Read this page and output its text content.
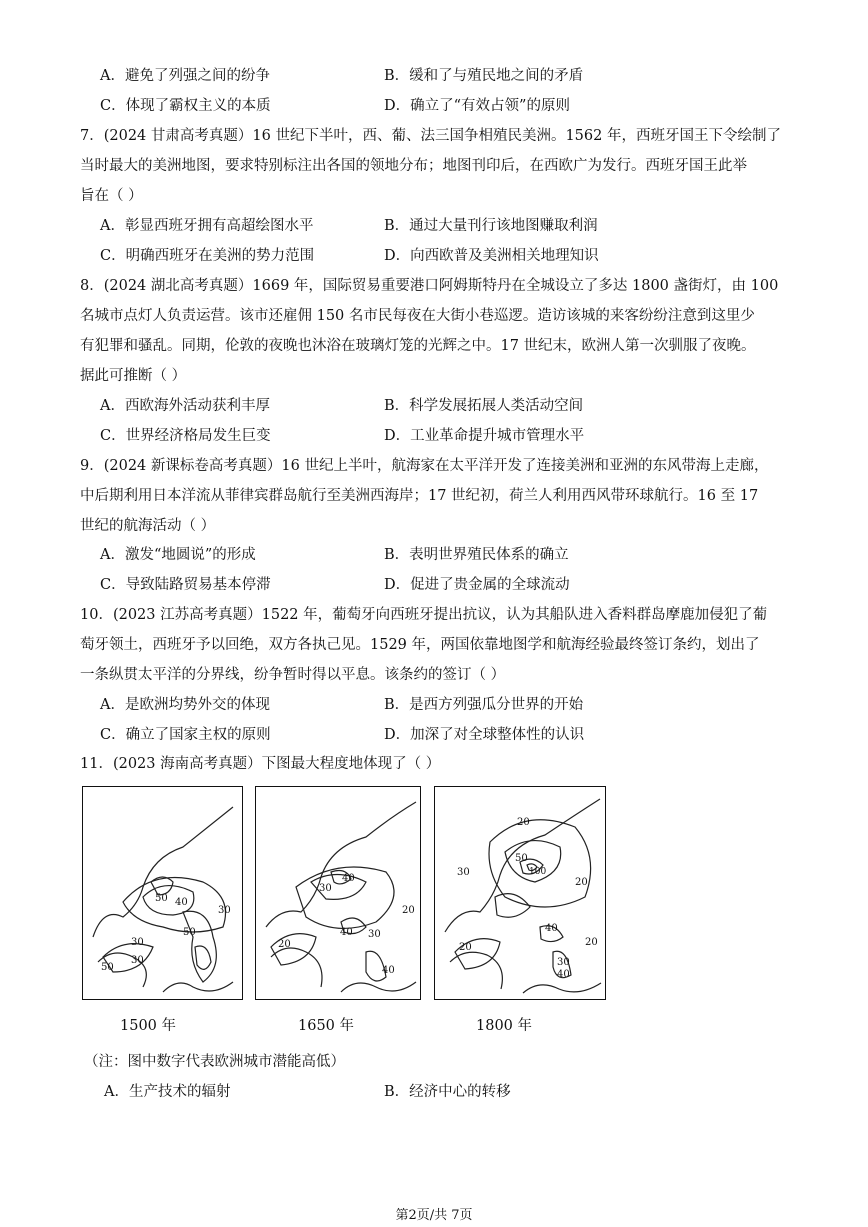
A．避免了列强之间的纷争	B．缓和了与殖民地之间的矛盾
C．体现了霸权主义的本质	D．确立了“有效占领”的原则
7．(2024 甘肃高考真题）16 世纪下半叶，西、葡、法三国争相殖民美洲。1562 年，西班牙国王下令绘制了
当时最大的美洲地图，要求特别标注出各国的领地分布；地图刊印后，在西欧广为发行。西班牙国王此举
旨在（ ）
A．彰显西班牙拥有高超绘图水平	B．通过大量刊行该地图赚取利润
C．明确西班牙在美洲的势力范围	D．向西欧普及美洲相关地理知识
8．(2024 湖北高考真题）1669 年，国际贸易重要港口阿姆斯特丹在全城设立了多达 1800 盏街灯，由 100
名城市点灯人负责运营。该市还雇佣 150 名市民每夜在大街小巷巡逻。造访该城的来客纷纷注意到这里少
有犯罪和骚乱。同期，伦敦的夜晚也沐浴在玻璃灯笼的光辉之中。17 世纪末，欧洲人第一次驯服了夜晚。
据此可推断（ ）
A．西欧海外活动获利丰厚	B．科学发展拓展人类活动空间
C．世界经济格局发生巨变	D．工业革命提升城市管理水平
9．(2024 新课标卷高考真题）16 世纪上半叶，航海家在太平洋开发了连接美洲和亚洲的东风带海上走廊，
中后期利用日本洋流从菲律宾群岛航行至美洲西海岸；17 世纪初，荷兰人利用西风带环球航行。16 至 17
世纪的航海活动（ ）
A．激发“地圆说”的形成	B．表明世界殖民体系的确立
C．导致陆路贸易基本停滞	D．促进了贵金属的全球流动
10．(2023 江苏高考真题）1522 年，葡萄牙向西班牙提出抗议，认为其船队进入香料群岛摩鹿加侵犯了葡
萄牙领土，西班牙予以回绝，双方各执己见。1529 年，两国依靠地图学和航海经验最终签订条约，划出了
一条纵贯太平洋的分界线，纷争暂时得以平息。该条约的签订（ ）
A．是欧洲均势外交的体现	B．是西方列强瓜分世界的开始
C．确立了国家主权的原则	D．加深了对全球整体性的认识
11．(2023 海南高考真题）下图最大程度地体现了（ ）
50 40
30
30
50
30
50
30
40
20
20
40 30
40
20
50
100
30
20
40
20	20
30
40
1500 年	1650 年	1800 年
（注：图中数字代表欧洲城市潜能高低）
A．生产技术的辐射	B．经济中心的转移
第2页/共 7页
